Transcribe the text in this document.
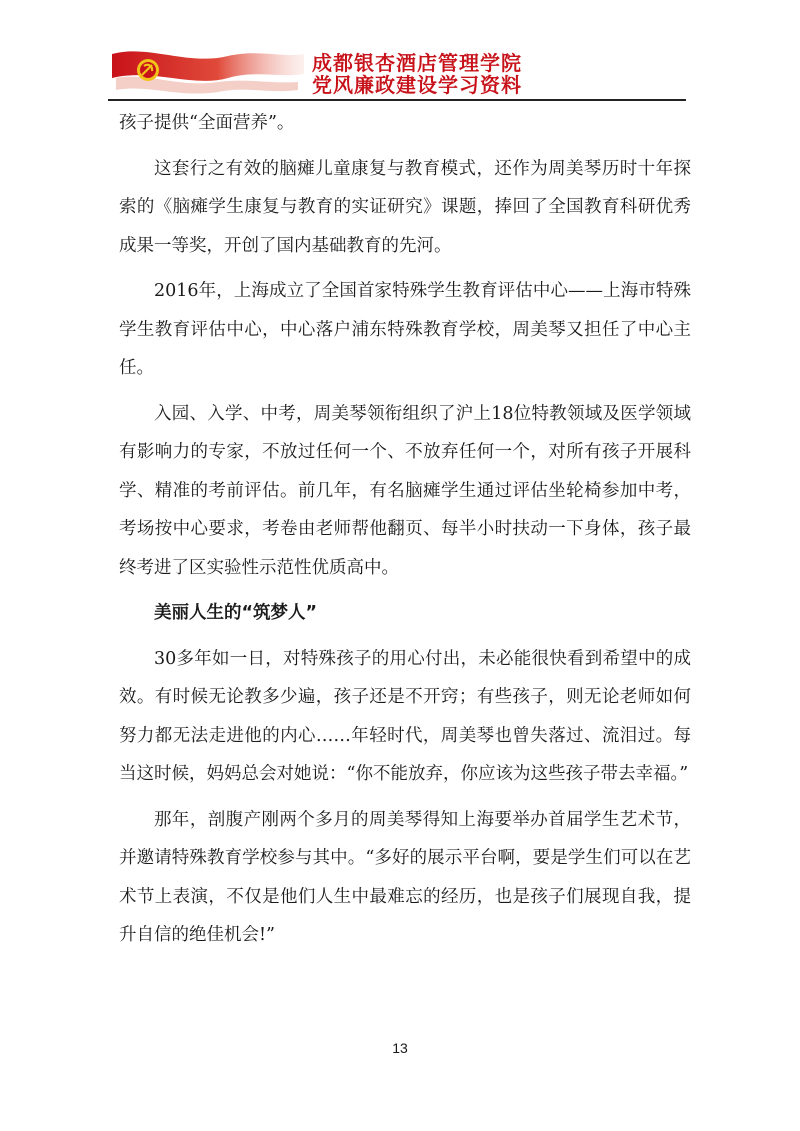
成都银杏酒店管理学院
党风廉政建设学习资料

孩子提供“全面营养”。

这套行之有效的脑瘫儿童康复与教育模式，还作为周美琴历时十年探索的《脑瘫学生康复与教育的实证研究》课题，捧回了全国教育科研优秀成果一等奖，开创了国内基础教育的先河。

2016年，上海成立了全国首家特殊学生教育评估中心——上海市特殊学生教育评估中心，中心落户浦东特殊教育学校，周美琴又担任了中心主任。

入园、入学、中考，周美琴领衔组织了沪上18位特教领域及医学领域有影响力的专家，不放过任何一个、不放弃任何一个，对所有孩子开展科学、精准的考前评估。前几年，有名脑瘫学生通过评估坐轮椅参加中考，考场按中心要求，考卷由老师帮他翻页、每半小时扶动一下身体，孩子最终考进了区实验性示范性优质高中。

美丽人生的“筑梦人”

30多年如一日，对特殊孩子的用心付出，未必能很快看到希望中的成效。有时候无论教多少遍，孩子还是不开窍；有些孩子，则无论老师如何努力都无法走进他的内心……年轻时代，周美琴也曾失落过、流泪过。每当这时候，妈妈总会对她说：“你不能放弃，你应该为这些孩子带去幸福。”

那年，剖腹产刚两个多月的周美琴得知上海要举办首届学生艺术节，并邀请特殊教育学校参与其中。“多好的展示平台啊，要是学生们可以在艺术节上表演，不仅是他们人生中最难忘的经历，也是孩子们展现自我，提升自信的绝佳机会!”

13
